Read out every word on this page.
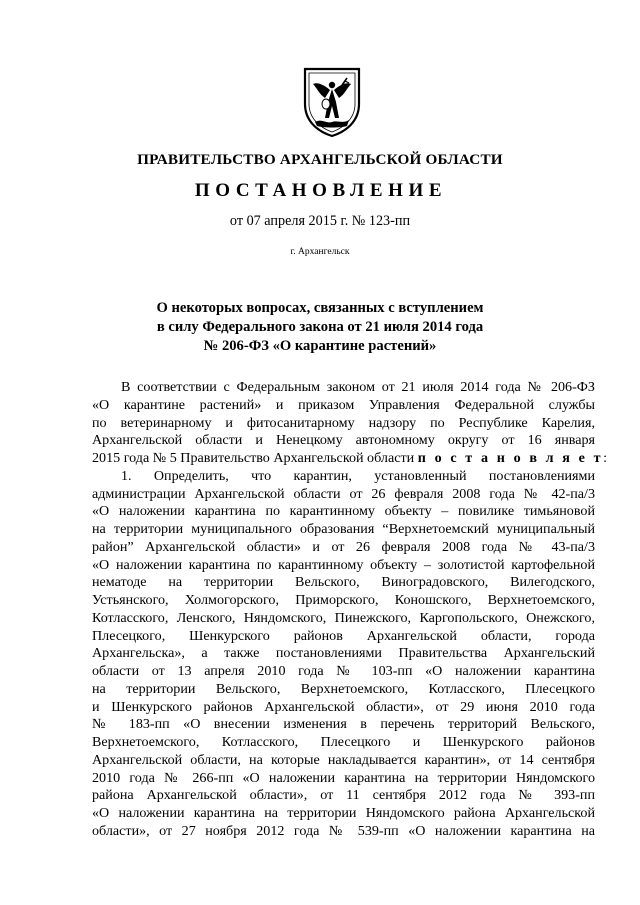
ПРАВИТЕЛЬСТВО АРХАНГЕЛЬСКОЙ ОБЛАСТИ
ПОСТАНОВЛЕНИЕ
от 07 апреля 2015 г. № 123-пп
г. Архангельск
О некоторых вопросах, связанных с вступлением
в силу Федерального закона от 21 июля 2014 года
№ 206-ФЗ «О карантине растений»
В соответствии с Федеральным законом от 21 июля 2014 года № 206-ФЗ
«О карантине растений» и приказом Управления Федеральной службы
по ветеринарному и фитосанитарному надзору по Республике Карелия,
Архангельской области и Ненецкому автономному округу от 16 января
2015 года № 5 Правительство Архангельской области п о с т а н о в л я е т:
1. Определить, что карантин, установленный постановлениями
администрации Архангельской области от 26 февраля 2008 года № 42-па/3
«О наложении карантина по карантинному объекту – повилике тимьяновой
на территории муниципального образования “Верхнетоемский муниципальный
район” Архангельской области» и от 26 февраля 2008 года № 43-па/3
«О наложении карантина по карантинному объекту – золотистой картофельной
нематоде на территории Вельского, Виноградовского, Вилегодского,
Устьянского, Холмогорского, Приморского, Коношского, Верхнетоемского,
Котласского, Ленского, Няндомского, Пинежского, Каргопольского, Онежского,
Плесецкого, Шенкурского районов Архангельской области, города
Архангельска», а также постановлениями Правительства Архангельский
области от 13 апреля 2010 года № 103-пп «О наложении карантина
на территории Вельского, Верхнетоемского, Котласского, Плесецкого
и Шенкурского районов Архангельской области», от 29 июня 2010 года
№ 183-пп «О внесении изменения в перечень территорий Вельского,
Верхнетоемского, Котласского, Плесецкого и Шенкурского районов
Архангельской области, на которые накладывается карантин», от 14 сентября
2010 года № 266-пп «О наложении карантина на территории Няндомского
района Архангельской области», от 11 сентября 2012 года № 393-пп
«О наложении карантина на территории Няндомского района Архангельской
области», от 27 ноября 2012 года № 539-пп «О наложении карантина на
